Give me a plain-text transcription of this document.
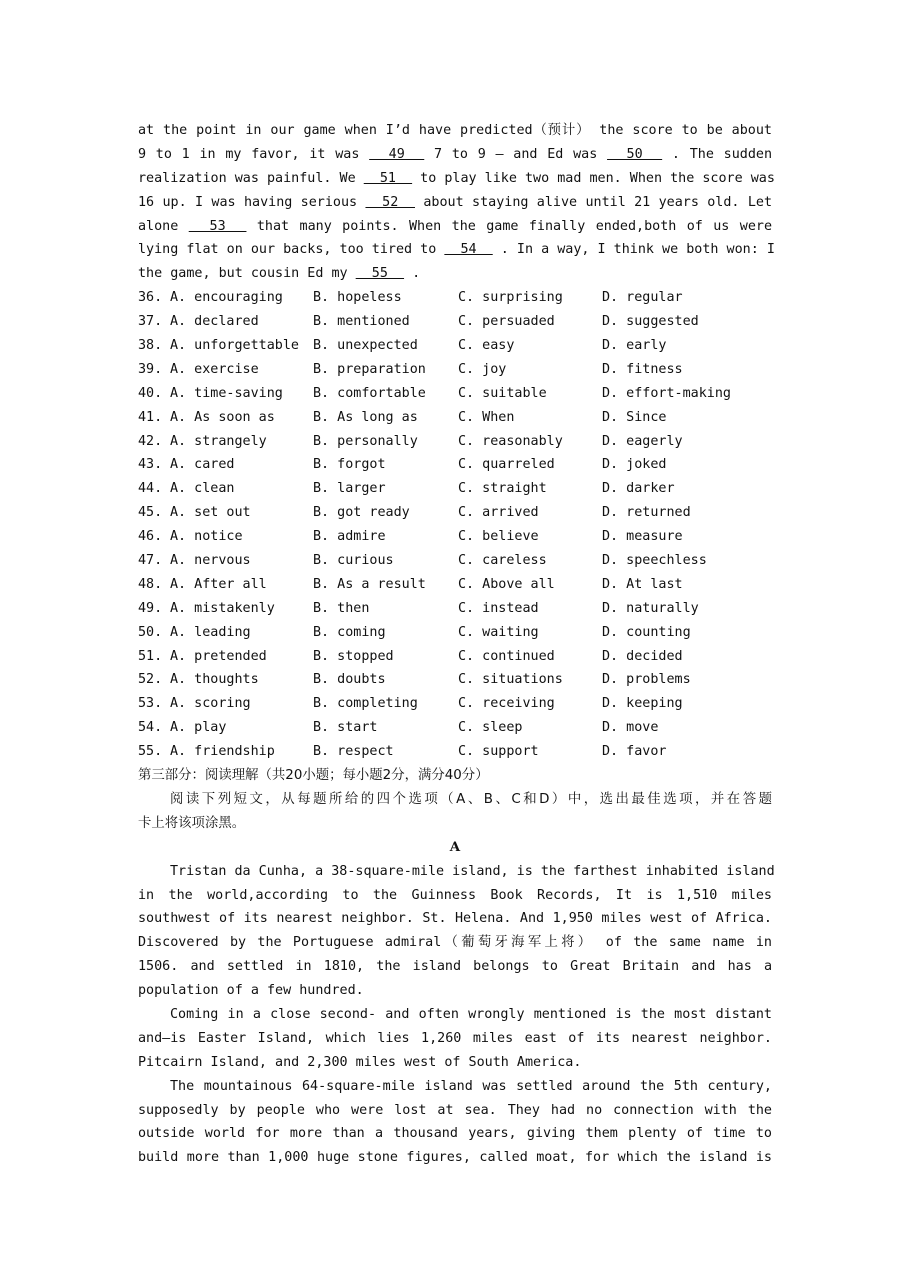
at the point in our game when I’d have predicted（预计） the score to be about
9 to 1 in my favor, it was   49   7 to 9 — and Ed was   50   . The sudden
realization was painful. We   51   to play like two mad men. When the score was
16 up. I was having serious   52   about staying alive until 21 years old. Let
alone   53   that many points. When the game finally ended,both of us were
lying flat on our backs, too tired to   54   . In a way, I think we both won: I
the game, but cousin Ed my   55   .
36. A. encouraging	B. hopeless	C. surprising	D. regular
37. A. declared	B. mentioned	C. persuaded	D. suggested
38. A. unforgettable	B. unexpected	C. easy	D. early
39. A. exercise	B. preparation	C. joy	D. fitness
40. A. time-saving	B. comfortable	C. suitable	D. effort-making
41. A. As soon as	B. As long as	C. When	D. Since
42. A. strangely	B. personally	C. reasonably	D. eagerly
43. A. cared	B. forgot	C. quarreled	D. joked
44. A. clean	B. larger	C. straight	D. darker
45. A. set out	B. got ready	C. arrived	D. returned
46. A. notice	B. admire	C. believe	D. measure
47. A. nervous	B. curious	C. careless	D. speechless
48. A. After all	B. As a result	C. Above all	D. At last
49. A. mistakenly	B. then	C. instead	D. naturally
50. A. leading	B. coming	C. waiting	D. counting
51. A. pretended	B. stopped	C. continued	D. decided
52. A. thoughts	B. doubts	C. situations	D. problems
53. A. scoring	B. completing	C. receiving	D. keeping
54. A. play	B. start	C. sleep	D. move
55. A. friendship	B. respect	C. support	D. favor
第三部分：阅读理解（共20小题；每小题2分，满分40分）
阅读下列短文，从每题所给的四个选项（A、B、C和D）中，选出最佳选项，并在答题
卡上将该项涂黑。
A
Tristan da Cunha, a 38-square-mile island, is the farthest inhabited island
in the world,according to the Guinness Book Records, It is 1,510 miles
southwest of its nearest neighbor. St. Helena. And 1,950 miles west of Africa.
Discovered by the Portuguese admiral（葡萄牙海军上将） of the same name in
1506. and settled in 1810, the island belongs to Great Britain and has a
population of a few hundred.
Coming in a close second- and often wrongly mentioned is the most distant
and—is Easter Island, which lies 1,260 miles east of its nearest neighbor.
Pitcairn Island, and 2,300 miles west of South America.
The mountainous 64-square-mile island was settled around the 5th century,
supposedly by people who were lost at sea. They had no connection with the
outside world for more than a thousand years, giving them plenty of time to
build more than 1,000 huge stone figures, called moat, for which the island is
